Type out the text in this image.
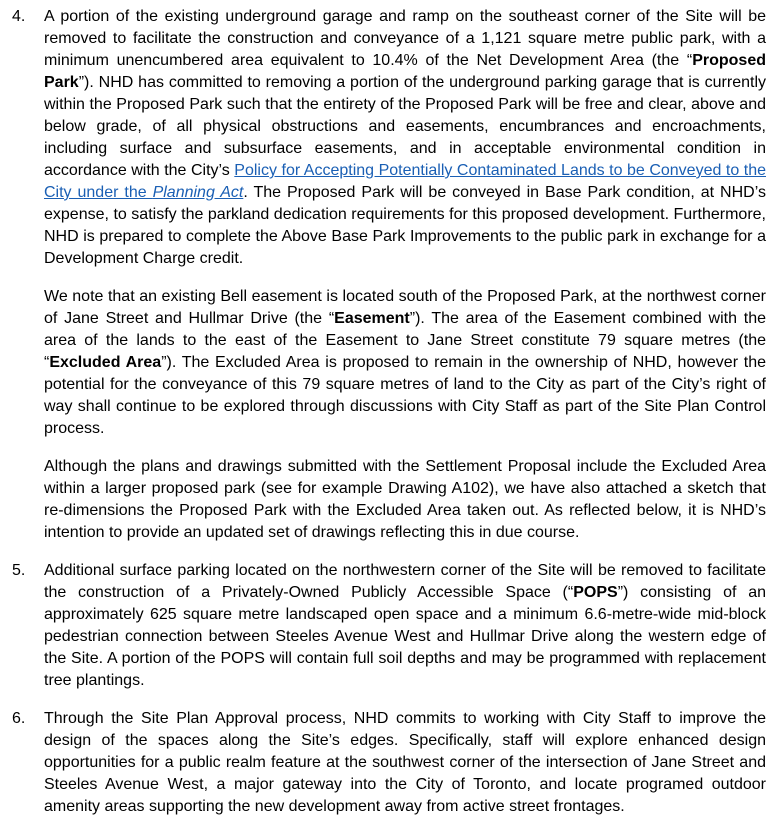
4. A portion of the existing underground garage and ramp on the southeast corner of the Site will be removed to facilitate the construction and conveyance of a 1,121 square metre public park, with a minimum unencumbered area equivalent to 10.4% of the Net Development Area (the “Proposed Park”). NHD has committed to removing a portion of the underground parking garage that is currently within the Proposed Park such that the entirety of the Proposed Park will be free and clear, above and below grade, of all physical obstructions and easements, encumbrances and encroachments, including surface and subsurface easements, and in acceptable environmental condition in accordance with the City’s Policy for Accepting Potentially Contaminated Lands to be Conveyed to the City under the Planning Act. The Proposed Park will be conveyed in Base Park condition, at NHD’s expense, to satisfy the parkland dedication requirements for this proposed development. Furthermore, NHD is prepared to complete the Above Base Park Improvements to the public park in exchange for a Development Charge credit.

We note that an existing Bell easement is located south of the Proposed Park, at the northwest corner of Jane Street and Hullmar Drive (the “Easement”). The area of the Easement combined with the area of the lands to the east of the Easement to Jane Street constitute 79 square metres (the “Excluded Area”). The Excluded Area is proposed to remain in the ownership of NHD, however the potential for the conveyance of this 79 square metres of land to the City as part of the City’s right of way shall continue to be explored through discussions with City Staff as part of the Site Plan Control process.

Although the plans and drawings submitted with the Settlement Proposal include the Excluded Area within a larger proposed park (see for example Drawing A102), we have also attached a sketch that re-dimensions the Proposed Park with the Excluded Area taken out. As reflected below, it is NHD’s intention to provide an updated set of drawings reflecting this in due course.

5. Additional surface parking located on the northwestern corner of the Site will be removed to facilitate the construction of a Privately-Owned Publicly Accessible Space (“POPS”) consisting of an approximately 625 square metre landscaped open space and a minimum 6.6-metre-wide mid-block pedestrian connection between Steeles Avenue West and Hullmar Drive along the western edge of the Site. A portion of the POPS will contain full soil depths and may be programmed with replacement tree plantings.

6. Through the Site Plan Approval process, NHD commits to working with City Staff to improve the design of the spaces along the Site’s edges. Specifically, staff will explore enhanced design opportunities for a public realm feature at the southwest corner of the intersection of Jane Street and Steeles Avenue West, a major gateway into the City of Toronto, and locate programed outdoor amenity areas supporting the new development away from active street frontages.
